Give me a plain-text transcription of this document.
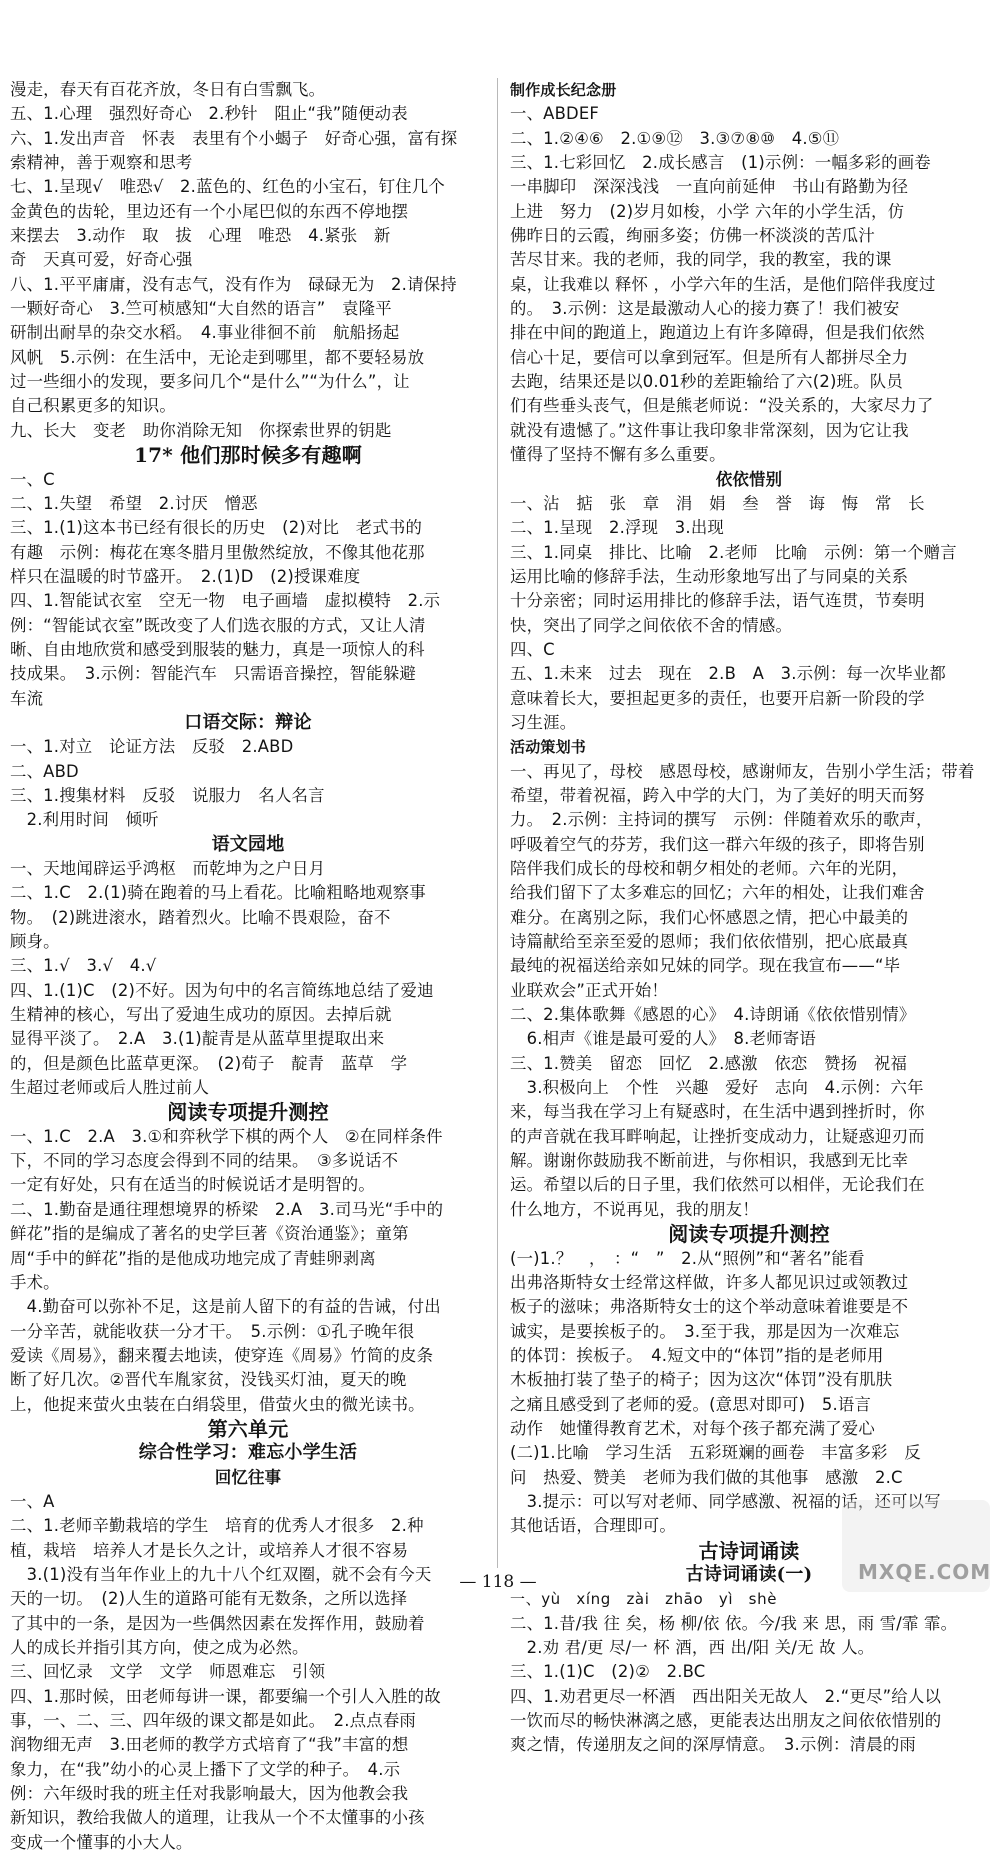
漫走，春天有百花齐放，冬日有白雪飘飞。
五、1.心理　强烈好奇心　2.秒针　阻止“我”随便动表
六、1.发出声音　怀表　表里有个小蝎子　好奇心强，富有探
索精神，善于观察和思考
七、1.呈现√　唯恐√　2.蓝色的、红色的小宝石，钉住几个
金黄色的齿轮，里边还有一个小尾巴似的东西不停地摆
来摆去　3.动作　取　拔　心理　唯恐　4.紧张　新
奇　天真可爱，好奇心强
八、1.平平庸庸，没有志气，没有作为　碌碌无为　2.请保持
一颗好奇心　3.竺可桢感知“大自然的语言”　袁隆平
研制出耐旱的杂交水稻。　4.事业徘徊不前　航船扬起
风帆　5.示例：在生活中，无论走到哪里，都不要轻易放
过一些细小的发现，要多问几个“是什么”“为什么”，让
自己积累更多的知识。
九、长大　变老　助你消除无知　你探索世界的钥匙
17* 他们那时候多有趣啊
一、C
二、1.失望　希望　2.讨厌　憎恶
三、1.(1)这本书已经有很长的历史　(2)对比　老式书的
有趣　示例：梅花在寒冬腊月里傲然绽放，不像其他花那
样只在温暖的时节盛开。　2.(1)D　(2)授课难度
四、1.智能试衣室　空无一物　电子画墙　虚拟模特　2.示
例：“智能试衣室”既改变了人们选衣服的方式，又让人清
晰、自由地欣赏和感受到服装的魅力，真是一项惊人的科
技成果。　3.示例：智能汽车　只需语音操控，智能躲避
车流
口语交际：辩论
一、1.对立　论证方法　反驳　2.ABD
二、ABD
三、1.搜集材料　反驳　说服力　名人名言
　2.利用时间　倾听
语文园地
一、天地闻辟运乎鸿枢　而乾坤为之户日月
二、1.C　2.(1)骑在跑着的马上看花。比喻粗略地观察事
物。　(2)跳进滚水，踏着烈火。比喻不畏艰险，奋不
顾身。
三、1.√　3.√　4.√
四、1.(1)C　(2)不好。因为句中的名言简练地总结了爱迪
生精神的核心，写出了爱迪生成功的原因。去掉后就
显得平淡了。　2.A　3.(1)靛青是从蓝草里提取出来
的，但是颜色比蓝草更深。　(2)荀子　靛青　蓝草　学
生超过老师或后人胜过前人
阅读专项提升测控
一、1.C　2.A　3.①和弈秋学下棋的两个人　②在同样条件
下，不同的学习态度会得到不同的结果。　③多说话不
一定有好处，只有在适当的时候说话才是明智的。
二、1.勤奋是通往理想境界的桥梁　2.A　3.司马光“手中的
鲜花”指的是编成了著名的史学巨著《资治通鉴》；童第
周“手中的鲜花”指的是他成功地完成了青蛙卵剥离
手术。
　4.勤奋可以弥补不足，这是前人留下的有益的告诫，付出
一分辛苦，就能收获一分才干。　5.示例：①孔子晚年很
爱读《周易》，翻来覆去地读，使穿连《周易》竹简的皮条
断了好几次。②晋代车胤家贫，没钱买灯油，夏天的晚
上，他捉来萤火虫装在白绢袋里，借萤火虫的微光读书。
第六单元
综合性学习：难忘小学生活
回忆往事
一、A
二、1.老师辛勤栽培的学生　培育的优秀人才很多　2.种
植，栽培　培养人才是长久之计，或培养人才很不容易
　3.(1)没有当年作业上的九十八个红双圈，就不会有今天
天的一切。　(2)人生的道路可能有无数条，之所以选择
了其中的一条，是因为一些偶然因素在发挥作用，鼓励着
人的成长并指引其方向，使之成为必然。
三、回忆录　文学　文学　师恩难忘　引领
四、1.那时候，田老师每讲一课，都要编一个引人入胜的故
事，一、二、三、四年级的课文都是如此。　2.点点春雨
润物细无声　3.田老师的教学方式培育了“我”丰富的想
象力，在“我”幼小的心灵上播下了文学的种子。　4.示
例：六年级时我的班主任对我影响最大，因为他教会我
新知识，教给我做人的道理，让我从一个不太懂事的小孩
变成一个懂事的小大人。
制作成长纪念册
一、ABDEF
二、1.②④⑥　2.①⑨⑫　3.③⑦⑧⑩　4.⑤⑪
三、1.七彩回忆　2.成长感言　(1)示例：一幅多彩的画卷
一串脚印　深深浅浅　一直向前延伸　书山有路勤为径
上进　努力　(2)岁月如梭，小学 六年的小学生活，仿
佛昨日的云霞，绚丽多姿；仿佛一杯淡淡的苦瓜汁
苦尽甘来。我的老师，我的同学，我的教室，我的课
桌，让我难以 释怀 ，小学六年的生活，是他们陪伴我度过
的。　3.示例：这是最激动人心的接力赛了！我们被安
排在中间的跑道上，跑道边上有许多障碍，但是我们依然
信心十足，要信可以拿到冠军。但是所有人都拼尽全力
去跑，结果还是以0.01秒的差距输给了六(2)班。队员
们有些垂头丧气，但是熊老师说：“没关系的，大家尽力了
就没有遗憾了。”这件事让我印象非常深刻，因为它让我
懂得了坚持不懈有多么重要。
依依惜别
一、沾　掂　张　章　涓　娟　叁　誉　诲　悔　常　长
二、1.呈现　2.浮现　3.出现
三、1.同桌　排比、比喻　2.老师　比喻　示例：第一个赠言
运用比喻的修辞手法，生动形象地写出了与同桌的关系
十分亲密；同时运用排比的修辞手法，语气连贯，节奏明
快，突出了同学之间依依不舍的情感。
四、C
五、1.未来　过去　现在　2.B　A　3.示例：每一次毕业都
意味着长大，要担起更多的责任，也要开启新一阶段的学
习生涯。
活动策划书
一、再见了，母校　感恩母校，感谢师友，告别小学生活；带着
希望，带着祝福，跨入中学的大门，为了美好的明天而努
力。　2.示例：主持词的撰写　示例：伴随着欢乐的歌声，
呼吸着空气的芬芳，我们这一群六年级的孩子，即将告别
陪伴我们成长的母校和朝夕相处的老师。六年的光阴，
给我们留下了太多难忘的回忆；六年的相处，让我们难舍
难分。在离别之际，我们心怀感恩之情，把心中最美的
诗篇献给至亲至爱的恩师；我们依依惜别，把心底最真
最纯的祝福送给亲如兄妹的同学。现在我宣布——“毕
业联欢会”正式开始！
二、2.集体歌舞《感恩的心》　4.诗朗诵《依依惜别情》
　6.相声《谁是最可爱的人》　8.老师寄语
三、1.赞美　留恋　回忆　2.感激　依恋　赞扬　祝福
　3.积极向上　个性　兴趣　爱好　志向　4.示例：六年
来，每当我在学习上有疑惑时，在生活中遇到挫折时，你
的声音就在我耳畔响起，让挫折变成动力，让疑惑迎刃而
解。谢谢你鼓励我不断前进，与你相识，我感到无比幸
运。希望以后的日子里，我们依然可以相伴，无论我们在
什么地方，不说再见，我的朋友！
阅读专项提升测控
(一)1.？　，　：“　”　2.从“照例”和“著名”能看
出弗洛斯特女士经常这样做，许多人都见识过或领教过
板子的滋味；弗洛斯特女士的这个举动意味着谁要是不
诚实，是要挨板子的。　3.至于我，那是因为一次难忘
的体罚：挨板子。　4.短文中的“体罚”指的是老师用
木板抽打装了垫子的椅子；因为这次“体罚”没有肌肤
之痛且感受到了老师的爱。(意思对即可)　5.语言
动作　她懂得教育艺术，对每个孩子都充满了爱心
(二)1.比喻　学习生活　五彩斑斓的画卷　丰富多彩　反
问　热爱、赞美　老师为我们做的其他事　感激　2.C
　3.提示：可以写对老师、同学感激、祝福的话，还可以写
其他话语，合理即可。
古诗词诵读
古诗词诵读(一)
一、yù　xíng　zài　zhāo　yì　shè
二、1.昔/我 往 矣，杨 柳/依 依。今/我 来 思，雨 雪/霏 霏。
　2.劝 君/更 尽/一 杯 酒，西 出/阳 关/无 故 人。
三、1.(1)C　(2)②　2.BC
四、1.劝君更尽一杯酒　西出阳关无故人　2.“更尽”给人以
一饮而尽的畅快淋漓之感，更能表达出朋友之间依依惜别的
爽之情，传递朋友之间的深厚情意。　3.示例：清晨的雨
MXQE.COM
— 118 —
